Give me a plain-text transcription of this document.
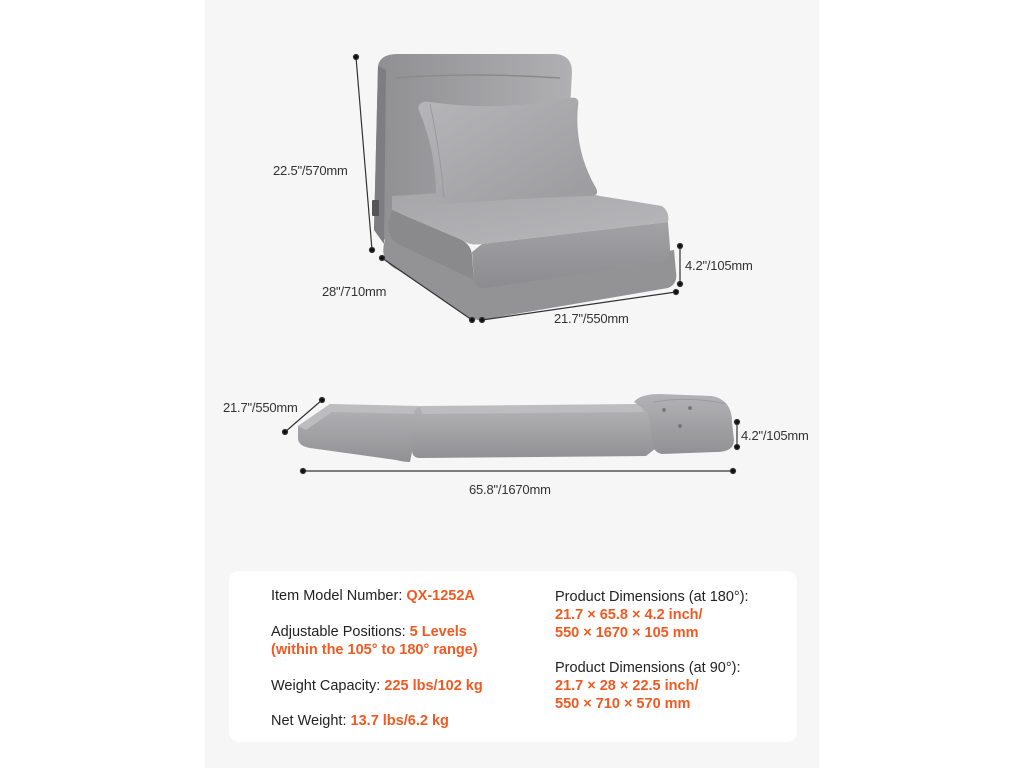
22.5"/570mm
28"/710mm
21.7"/550mm
4.2"/105mm
21.7"/550mm
4.2"/105mm
65.8"/1670mm
Item Model Number: QX-1252A
Adjustable Positions: 5 Levels
(within the 105° to 180° range)
Weight Capacity: 225 lbs/102 kg
Net Weight: 13.7 lbs/6.2 kg
Product Dimensions (at 180°):
21.7 × 65.8 × 4.2 inch/
550 × 1670 × 105 mm
Product Dimensions (at 90°):
21.7 × 28 × 22.5 inch/
550 × 710 × 570 mm
